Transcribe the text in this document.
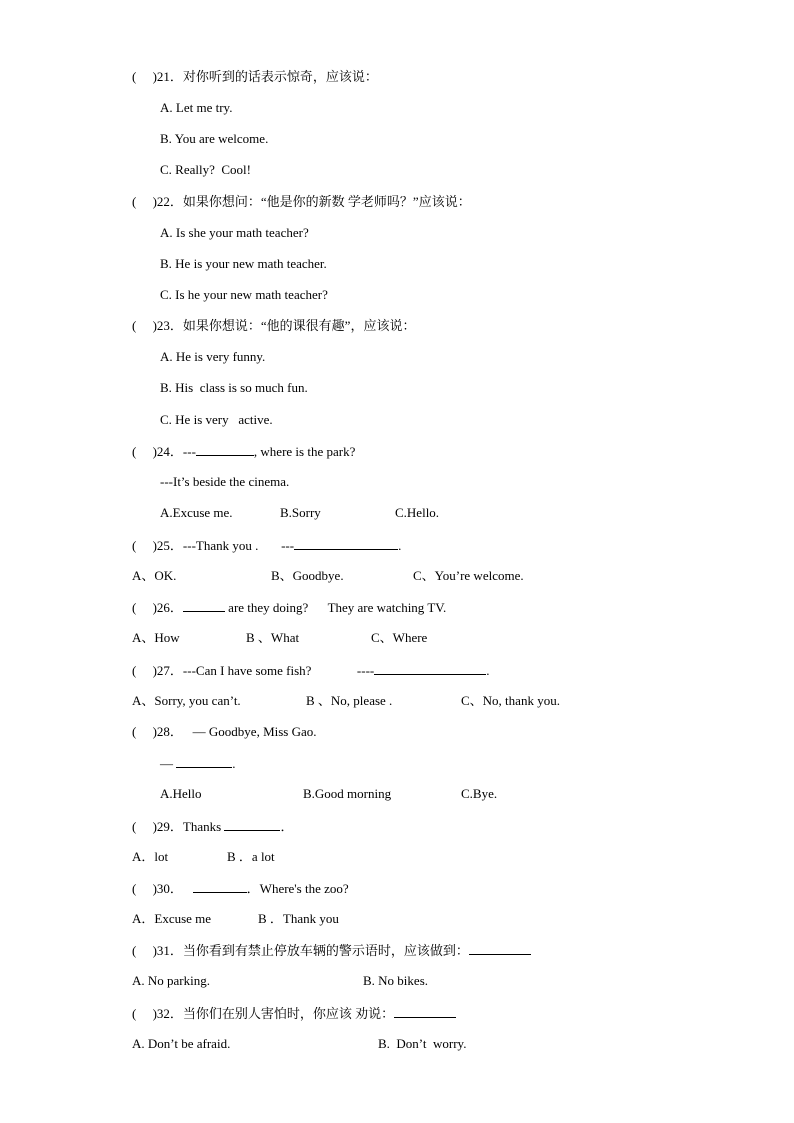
(     )21．对你听到的话表示惊奇，应该说：
A. Let me try.
B. You are welcome.
C. Really?  Cool!
(     )22．如果你想问：“他是你的新数 学老师吗？”应该说：
A. Is she your math teacher?
B. He is your new math teacher.
C. Is he your new math teacher?
(     )23．如果你想说：“他的课很有趣”，应该说：
A. He is very funny.
B. His  class is so much fun.
C. He is very   active.
(     )24．---	, where is the park?
---It’s beside the cinema.
A.Excuse me.	B.Sorry	C.Hello.
(     )25．---Thank you .       ---	.
A、OK.	B、Goodbye.	C、You’re welcome.
(     )26．	are they doing?      They are watching TV.
A、How	B 、What	C、Where
(     )27．---Can I have some fish?              ----	.
A、Sorry, you can’t.	B 、No, please .	C、No, thank you.
(     )28．   — Goodbye, Miss Gao.
—	.
A.Hello	B.Good morning	C.Bye.
(     )29．Thanks	．
A．lot	B ．a lot
(     )30．	．Where's the zoo?
A．Excuse me	B ．Thank you
(     )31．当你看到有禁止停放车辆的警示语时，应该做到：
A. No parking.	B. No bikes.
(     )32．当你们在别人害怕时，你应该 劝说：
A. Don’t be afraid.	B.  Don’t  worry.
